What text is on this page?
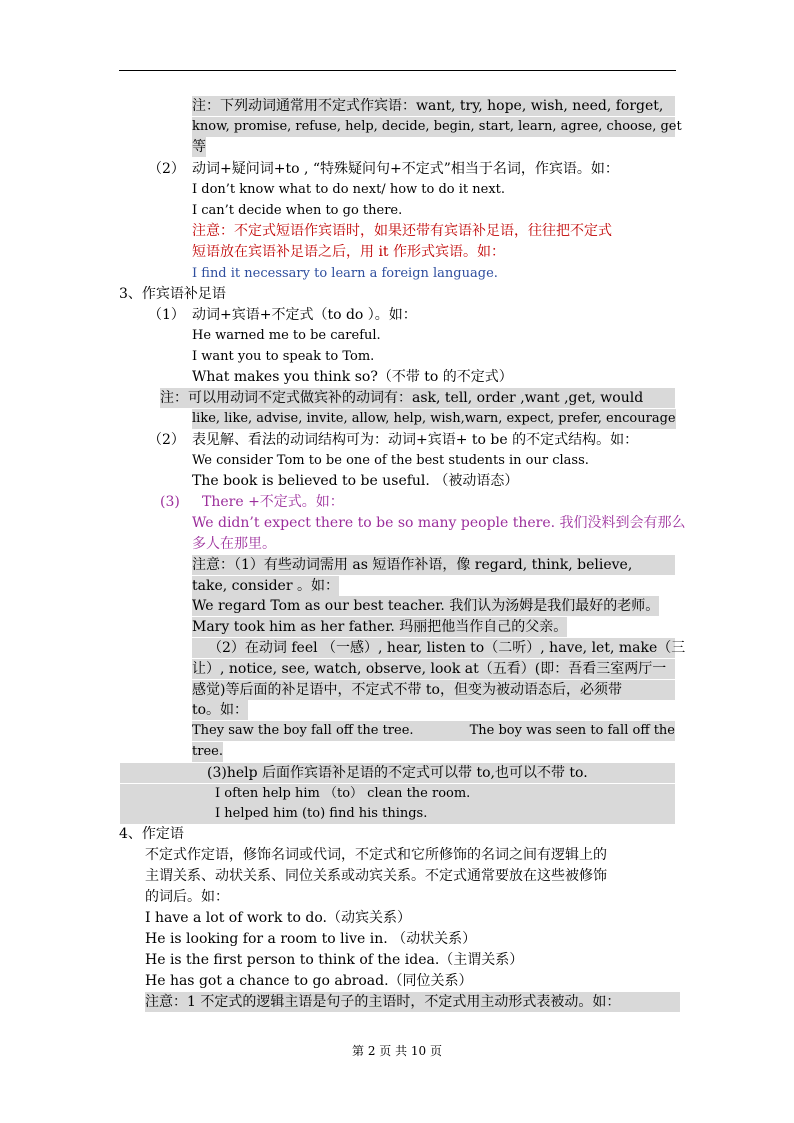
注：下列动词通常用不定式作宾语：want, try, hope, wish, need, forget,
know, promise, refuse, help, decide, begin, start, learn, agree, choose, get
等
（2） 动词+疑问词+to , “特殊疑问句+不定式”相当于名词，作宾语。如：
I don’t know what to do next/ how to do it next.
I can’t decide when to go there.
注意：不定式短语作宾语时，如果还带有宾语补足语，往往把不定式
短语放在宾语补足语之后，用 it 作形式宾语。如：
I find it necessary to learn a foreign language.
3、作宾语补足语
（1） 动词+宾语+不定式（to do ）。如：
He warned me to be careful.
I want you to speak to Tom.
What makes you think so?（不带 to 的不定式）
注：可以用动词不定式做宾补的动词有：ask, tell, order ,want ,get, would
like, like, advise, invite, allow, help, wish,warn, expect, prefer, encourage
（2） 表见解、看法的动词结构可为：动词+宾语+ to be 的不定式结构。如：
We consider Tom to be one of the best students in our class.
The book is believed to be useful. （被动语态）
(3) There +不定式。如：
We didn’t expect there to be so many people there. 我们没料到会有那么
多人在那里。
注意：（1）有些动词需用 as 短语作补语，像 regard, think, believe,
take, consider 。如：
We regard Tom as our best teacher. 我们认为汤姆是我们最好的老师。
Mary took him as her father. 玛丽把他当作自己的父亲。
（2）在动词 feel （一感）, hear, listen to（二听）, have, let, make（三
让）, notice, see, watch, observe, look at（五看）(即：吾看三室两厅一
感觉)等后面的补足语中，不定式不带 to，但变为被动语态后，必须带
to。如：
They saw the boy fall off the tree.	The boy was seen to fall off the
tree.
(3)help 后面作宾语补足语的不定式可以带 to,也可以不带 to.
I often help him （to） clean the room.
I helped him (to) find his things.
4、作定语
不定式作定语，修饰名词或代词，不定式和它所修饰的名词之间有逻辑上的
主谓关系、动状关系、同位关系或动宾关系。不定式通常要放在这些被修饰
的词后。如：
I have a lot of work to do.（动宾关系）
He is looking for a room to live in. （动状关系）
He is the first person to think of the idea.（主谓关系）
He has got a chance to go abroad.（同位关系）
注意：1 不定式的逻辑主语是句子的主语时，不定式用主动形式表被动。如：
第 2 页 共 10 页
